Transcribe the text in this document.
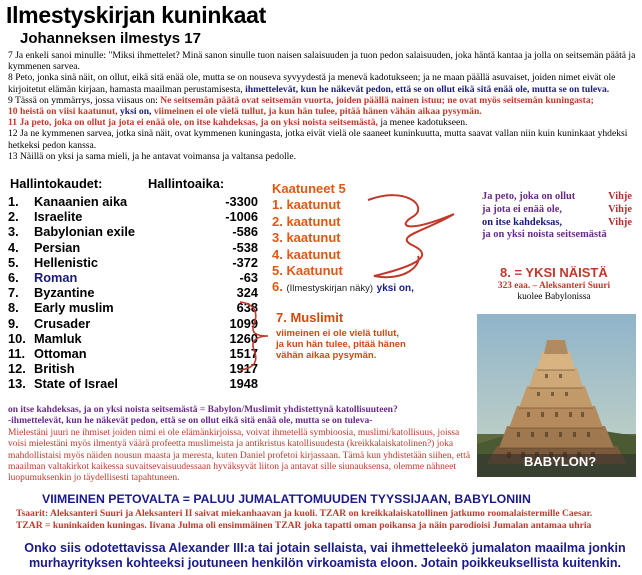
Ilmestyskirjan kuninkaat
Johanneksen ilmestys 17

7 Ja enkeli sanoi minulle: "Miksi ihmettelet? Minä sanon sinulle tuon naisen salaisuuden ja tuon pedon salaisuuden, joka häntä kantaa ja jolla on seitsemän päätä ja kymmenen sarvea.

8 Peto, jonka sinä näit, on ollut, eikä sitä enää ole, mutta se on nouseva syvyydestä ja menevä kadotukseen; ja ne maan päällä asuvaiset, joiden nimet eivät ole kirjoitetut elämän kirjaan, hamasta maailman perustamisesta, ihmettelevät, kun he näkevät pedon, että se on ollut eikä sitä enää ole, mutta se on tuleva.

9 Tässä on ymmärrys, jossa viisaus on: Ne seitsemän päätä ovat seitsemän vuorta, joiden päällä nainen istuu; ne ovat myös seitsemän kuningasta;

10 heistä on viisi kaatunut, yksi on, viimeinen ei ole vielä tullut, ja kun hän tulee, pitää hänen vähän aikaa pysymän.

11 Ja peto, joka on ollut ja jota ei enää ole, on itse kahdeksas, ja on yksi noista seitsemästä, ja menee kadotukseen.

12 Ja ne kymmenen sarvea, jotka sinä näit, ovat kymmenen kuningasta, jotka eivät vielä ole saaneet kuninkuutta, mutta saavat vallan niin kuin kuninkaat yhdeksi hetkeksi pedon kanssa.

13 Näillä on yksi ja sama mieli, ja he antavat voimansa ja valtansa pedolle.

Hallintokaudet:	Hallintoaika:
1.	Kanaanien aika	-3300
2.	Israelite	-1006
3.	Babylonian exile	-586
4.	Persian	-538
5.	Hellenistic	-372
6.	Roman	-63
7.	Byzantine	324
8.	Early muslim	638
9.	Crusader	1099
10. Mamluk	1260
11. Ottoman	1517
12. British	1917
13. State of Israel	1948
Kaatuneet 5
1. kaatunut
2. kaatunut
3. kaatunut
4. kaatunut
5. Kaatunut
6. (Ilmestyskirjan näky) yksi on,
7. Muslimit
viimeinen ei ole vielä tullut,
ja kun hän tulee, pitää hänen
vähän aikaa pysymän.
Ja peto, joka on ollut	Vihje
ja jota ei enää ole,	Vihje
on itse kahdeksas,	Vihje
ja on yksi noista seitsemästä
8. = YKSI NÄISTÄ
323 eaa. – Aleksanteri Suuri
kuolee Babylonissa
BABYLON?

on itse kahdeksas, ja on yksi noista seitsemästä = Babylon/Muslimit yhdistettynä katollisuuteen?

-ihmettelevät, kun he näkevät pedon, että se on ollut eikä sitä enää ole, mutta se on tuleva-

Mielestäni juuri ne ihmiset joiden nimi ei ole elämänkirjoissa, voivat ihmetellä symbioosia, muslimi/katollisuus, joissa voisi mielestäni myös ilmentyä väärä profeetta muslimeista ja antikristus katollisuudesta (kreikkalaiskatolinen?) joka mahdollistaisi myös näiden nousun maasta ja meresta, kuten Daniel profetoi kirjassaan. Tämä kun yhdistetään siihen, että maailman valtakirkot kaikessa suvaitsevaisuudessaan hyväksyvät liiton ja antavat sille siunauksensa, olemme nähneet luopumuksenkin jo täydellisesti tapahtuneen.

VIIMEINEN PETOVALTA = PALUU JUMALATTOMUUDEN TYYSSIJAAN, BABYLONIIN

Tsaarit: Aleksanteri Suuri ja Aleksanteri II saivat miekanhaavan ja kuoli. TZAR on kreikkalaiskatollinen jatkumo roomalaistermille Caesar.

TZAR = kuninkaiden kuningas. Iivana Julma oli ensimmäinen TZAR joka tapatti oman poikansa ja näin parodioisi Jumalan antamaa uhria

Onko siis odotettavissa Alexander III:a tai jotain sellaista, vai ihmetteleekö jumalaton maailma jonkin murhayrityksen kohteeksi joutuneen henkilön virkoamista eloon. Jotain poikkeuksellista kuitenkin.
